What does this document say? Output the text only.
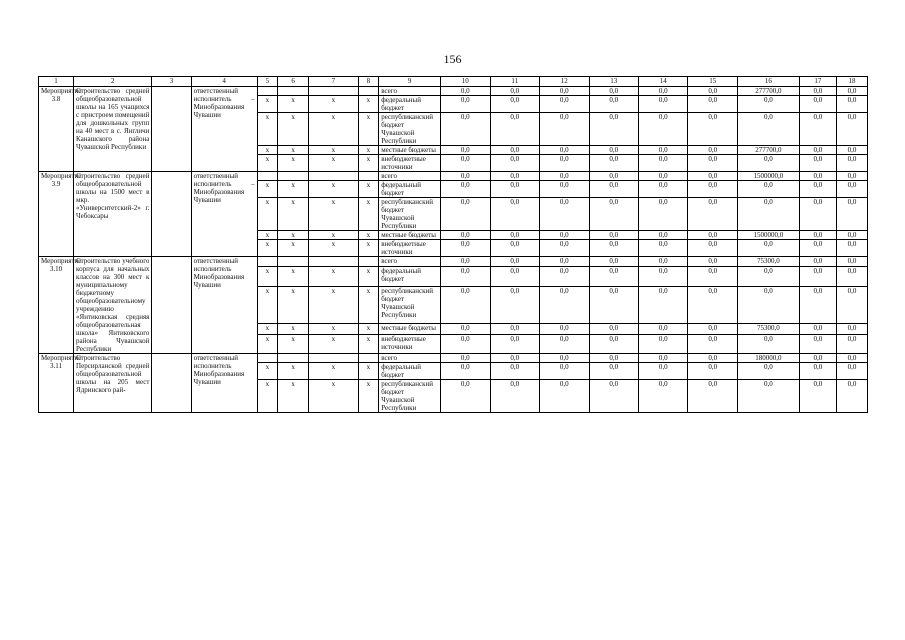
156
1	2	3	4	5	6	7	8	9	10	11	12	13	14	15	16	17	18
Мероприятие 3.8	Строительство средней общеобразовательной школы на 165 учащихся с пристроем помещений для дошкольных групп на 40 мест в с. Янгличи Канашского района Чувашской Республики		ответственный исполнитель – Минобразования Чувашии					всего	0,0	0,0	0,0	0,0	0,0	0,0	277700,0	0,0	0,0
				x	x	x	x	федеральный бюджет	0,0	0,0	0,0	0,0	0,0	0,0	0,0	0,0	0,0
				x	x	x	x	республиканский бюджет Чувашской Республики	0,0	0,0	0,0	0,0	0,0	0,0	0,0	0,0	0,0
				x	x	x	x	местные бюджеты	0,0	0,0	0,0	0,0	0,0	0,0	277700,0	0,0	0,0
				x	x	x	x	внебюджетные источники	0,0	0,0	0,0	0,0	0,0	0,0	0,0	0,0	0,0
Мероприятие 3.9	Строительство средней общеобразовательной школы на 1500 мест в мкр. «Университетский-2» г. Чебоксары		ответственный исполнитель – Минобразования Чувашии					всего	0,0	0,0	0,0	0,0	0,0	0,0	1500000,0	0,0	0,0
				x	x	x	x	федеральный бюджет	0,0	0,0	0,0	0,0	0,0	0,0	0,0	0,0	0,0
				x	x	x	x	республиканский бюджет Чувашской Республики	0,0	0,0	0,0	0,0	0,0	0,0	0,0	0,0	0,0
				x	x	x	x	местные бюджеты	0,0	0,0	0,0	0,0	0,0	0,0	1500000,0	0,0	0,0
				x	x	x	x	внебюджетные источники	0,0	0,0	0,0	0,0	0,0	0,0	0,0	0,0	0,0
Мероприятие 3.10	Строительство учебного корпуса для начальных классов на 300 мест к муниципальному бюджетному общеобразовательному учреждению «Янтиковская средняя общеобразовательная школа» Янтиковского района Чувашской Республики		ответственный исполнитель Минобразования Чувашии					всего	0,0	0,0	0,0	0,0	0,0	0,0	75300,0	0,0	0,0
				x	x	x	x	федеральный бюджет	0,0	0,0	0,0	0,0	0,0	0,0	0,0	0,0	0,0
				x	x	x	x	республиканский бюджет Чувашской Республики	0,0	0,0	0,0	0,0	0,0	0,0	0,0	0,0	0,0
				x	x	x	x	местные бюджеты	0,0	0,0	0,0	0,0	0,0	0,0	75300,0	0,0	0,0
				x	x	x	x	внебюджетные источники	0,0	0,0	0,0	0,0	0,0	0,0	0,0	0,0	0,0
Мероприятие 3.11	Строительство Персирланской средней общеобразовательной школы на 205 мест Ядринского рай-		ответственный исполнитель Минобразования Чувашии					всего	0,0	0,0	0,0	0,0	0,0	0,0	180000,0	0,0	0,0
				x	x	x	x	федеральный бюджет	0,0	0,0	0,0	0,0	0,0	0,0	0,0	0,0	0,0
				x	x	x	x	республиканский бюджет Чувашской Республики	0,0	0,0	0,0	0,0	0,0	0,0	0,0	0,0	0,0
